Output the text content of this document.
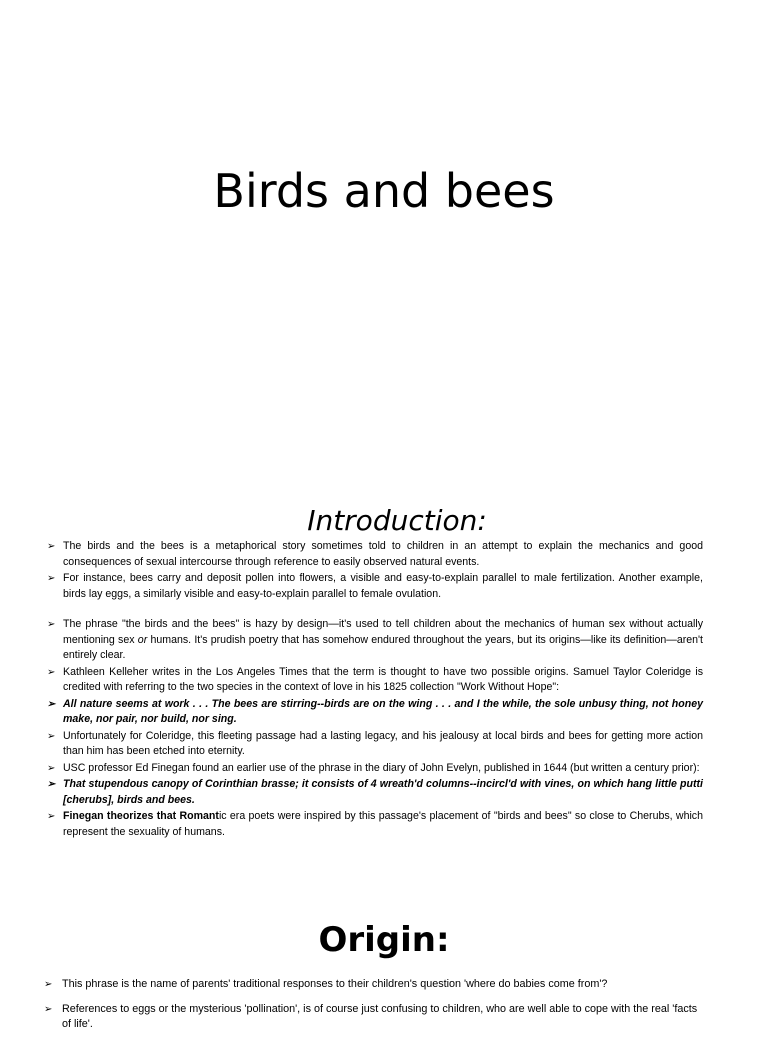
Birds and bees
Introduction:
➢ The birds and the bees is a metaphorical story sometimes told to children in an attempt to explain the mechanics and good consequences of sexual intercourse through reference to easily observed natural events.
➢ For instance, bees carry and deposit pollen into flowers, a visible and easy-to-explain parallel to male fertilization. Another example, birds lay eggs, a similarly visible and easy-to-explain parallel to female ovulation.
➢ The phrase "the birds and the bees" is hazy by design—it's used to tell children about the mechanics of human sex without actually mentioning sex or humans. It's prudish poetry that has somehow endured throughout the years, but its origins—like its definition—aren't entirely clear.
➢ Kathleen Kelleher writes in the Los Angeles Times that the term is thought to have two possible origins. Samuel Taylor Coleridge is credited with referring to the two species in the context of love in his 1825 collection "Work Without Hope":
➢ All nature seems at work . . . The bees are stirring--birds are on the wing . . . and I the while, the sole unbusy thing, not honey make, nor pair, nor build, nor sing.
➢ Unfortunately for Coleridge, this fleeting passage had a lasting legacy, and his jealousy at local birds and bees for getting more action than him has been etched into eternity.
➢ USC professor Ed Finegan found an earlier use of the phrase in the diary of John Evelyn, published in 1644 (but written a century prior):
➢ That stupendous canopy of Corinthian brasse; it consists of 4 wreath'd columns--incircl'd with vines, on which hang little putti [cherubs], birds and bees.
➢ Finegan theorizes that Romantic era poets were inspired by this passage's placement of "birds and bees" so close to Cherubs, which represent the sexuality of humans.
Origin:
➢ This phrase is the name of parents' traditional responses to their children's question 'where do babies come from'?
➢ References to eggs or the mysterious 'pollination', is of course just confusing to children, who are well able to cope with the real 'facts of life'.
